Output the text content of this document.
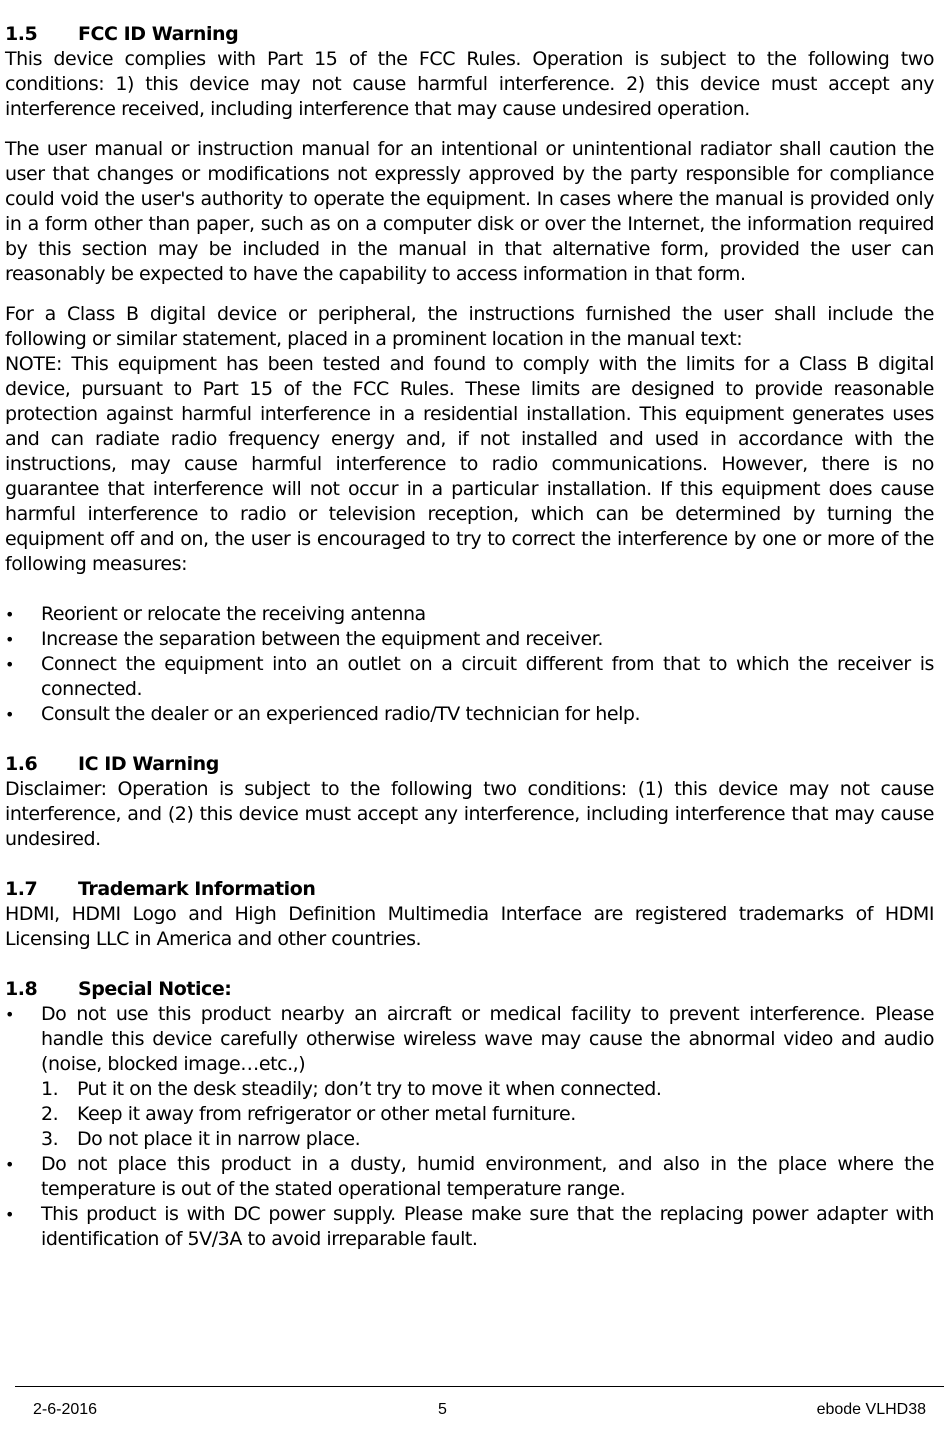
1.5	FCC ID Warning

This device complies with Part 15 of the FCC Rules. Operation is subject to the following two conditions: 1) this device may not cause harmful interference. 2) this device must accept any interference received, including interference that may cause undesired operation.

The user manual or instruction manual for an intentional or unintentional radiator shall caution the user that changes or modifications not expressly approved by the party responsible for compliance could void the user's authority to operate the equipment. In cases where the manual is provided only in a form other than paper, such as on a computer disk or over the Internet, the information required by this section may be included in the manual in that alternative form, provided the user can reasonably be expected to have the capability to access information in that form.

For a Class B digital device or peripheral, the instructions furnished the user shall include the following or similar statement, placed in a prominent location in the manual text:

NOTE: This equipment has been tested and found to comply with the limits for a Class B digital device, pursuant to Part 15 of the FCC Rules. These limits are designed to provide reasonable protection against harmful interference in a residential installation. This equipment generates uses and can radiate radio frequency energy and, if not installed and used in accordance with the instructions, may cause harmful interference to radio communications. However, there is no guarantee that interference will not occur in a particular installation. If this equipment does cause harmful interference to radio or television reception, which can be determined by turning the equipment off and on, the user is encouraged to try to correct the interference by one or more of the following measures:

• Reorient or relocate the receiving antenna
• Increase the separation between the equipment and receiver.
• Connect the equipment into an outlet on a circuit different from that to which the receiver is connected.
• Consult the dealer or an experienced radio/TV technician for help.
1.6	IC ID Warning

Disclaimer: Operation is subject to the following two conditions: (1) this device may not cause interference, and (2) this device must accept any interference, including interference that may cause undesired.

1.7	Trademark Information

HDMI, HDMI Logo and High Definition Multimedia Interface are registered trademarks of HDMI Licensing LLC in America and other countries.

1.8	Special Notice:
• Do not use this product nearby an aircraft or medical facility to prevent interference. Please handle this device carefully otherwise wireless wave may cause the abnormal video and audio (noise, blocked image…etc.,)
1. Put it on the desk steadily; don’t try to move it when connected.
2. Keep it away from refrigerator or other metal furniture.
3. Do not place it in narrow place.
• Do not place this product in a dusty, humid environment, and also in the place where the temperature is out of the stated operational temperature range.
• This product is with DC power supply. Please make sure that the replacing power adapter with identification of 5V/3A to avoid irreparable fault.
2-6-2016	5	ebode VLHD38
